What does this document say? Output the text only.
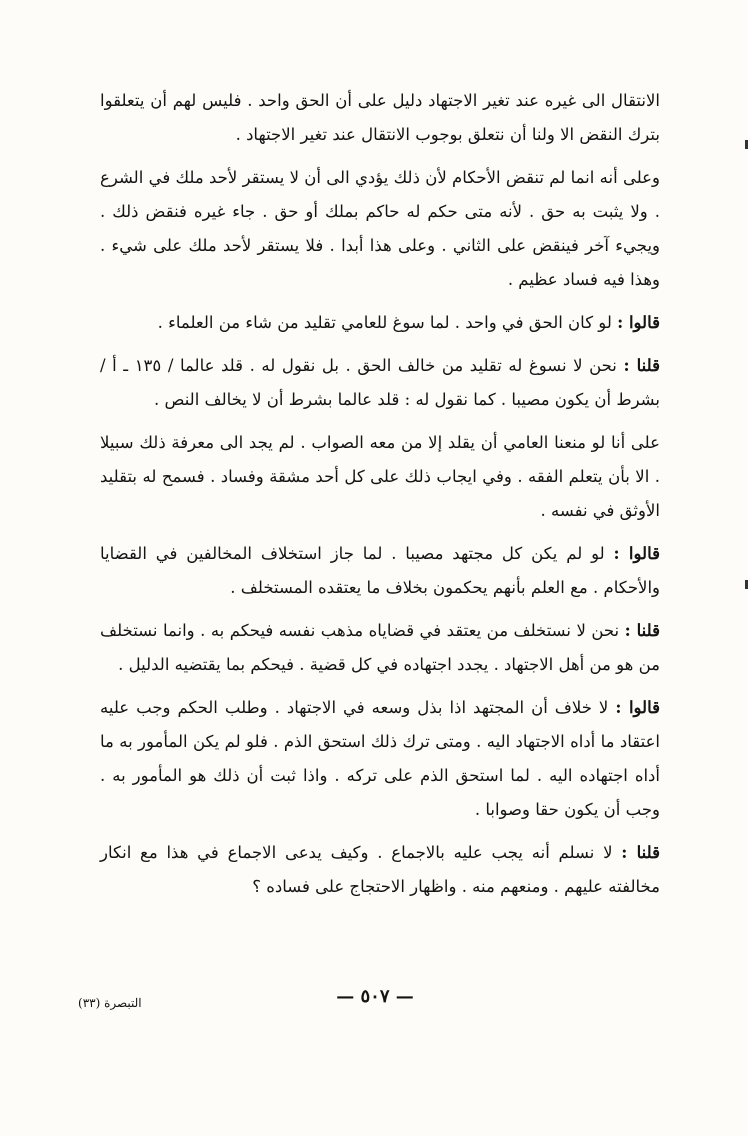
الانتقال الى غيره عند تغير الاجتهاد دليل على أن الحق واحد . فليس لهم أن يتعلقوا بترك النقض الا ولنا أن نتعلق بوجوب الانتقال عند تغير الاجتهاد .

وعلى أنه انما لم تنقض الأحكام لأن ذلك يؤدي الى أن لا يستقر لأحد ملك في الشرع . ولا يثبت به حق . لأنه متى حكم له حاكم بملك أو حق . جاء غيره فنقض ذلك . ويجيء آخر فينقض على الثاني . وعلى هذا أبدا . فلا يستقر لأحد ملك على شيء . وهذا فيه فساد عظيم .

قالوا : لو كان الحق في واحد . لما سوغ للعامي تقليد من شاء من العلماء .

قلنا : نحن لا نسوغ له تقليد من خالف الحق . بل نقول له . قلد عالما / ١٣٥ ـ أ / بشرط أن يكون مصيبا . كما نقول له : قلد عالما بشرط أن لا يخالف النص .

على أنا لو منعنا العامي أن يقلد إلا من معه الصواب . لم يجد الى معرفة ذلك سبيلا . الا بأن يتعلم الفقه . وفي ايجاب ذلك على كل أحد مشقة وفساد . فسمح له بتقليد الأوثق في نفسه .

قالوا : لو لم يكن كل مجتهد مصيبا . لما جاز استخلاف المخالفين في القضايا والأحكام . مع العلم بأنهم يحكمون بخلاف ما يعتقده المستخلف .

قلنا : نحن لا نستخلف من يعتقد في قضاياه مذهب نفسه فيحكم به . وانما نستخلف من هو من أهل الاجتهاد . يجدد اجتهاده في كل قضية . فيحكم بما يقتضيه الدليل .

قالوا : لا خلاف أن المجتهد اذا بذل وسعه في الاجتهاد . وطلب الحكم وجب عليه اعتقاد ما أداه الاجتهاد اليه . ومتى ترك ذلك استحق الذم . فلو لم يكن المأمور به ما أداه اجتهاده اليه . لما استحق الذم على تركه . واذا ثبت أن ذلك هو المأمور به . وجب أن يكون حقا وصوابا .

قلنا : لا نسلم أنه يجب عليه بالاجماع . وكيف يدعى الاجماع في هذا مع انكار مخالفته عليهم . ومنعهم منه . واظهار الاحتجاج على فساده ؟

— ٥٠٧ —
التبصرة (٣٣)
